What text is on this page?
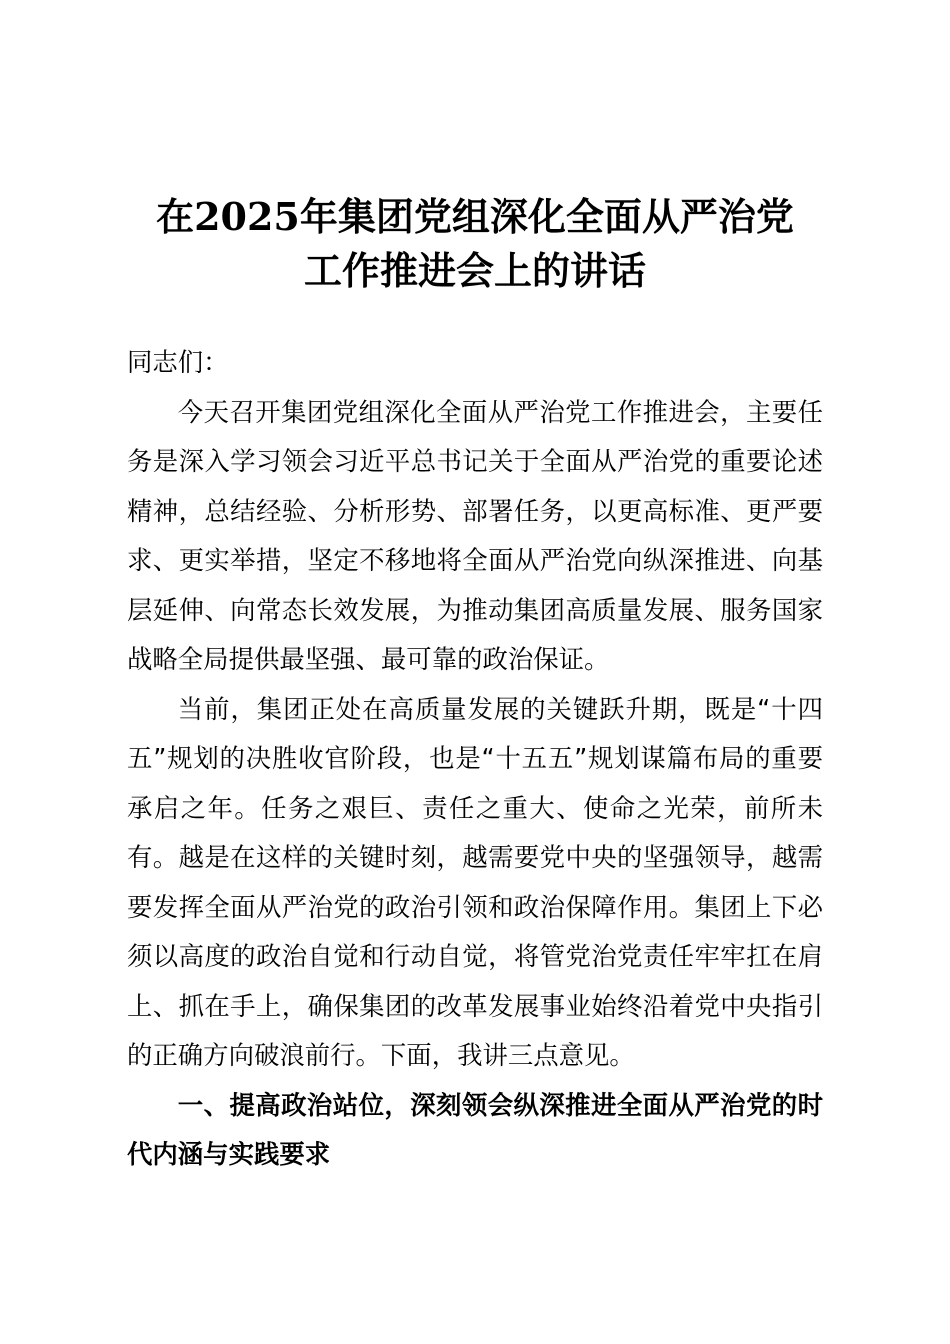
在2025年集团党组深化全面从严治党
工作推进会上的讲话

同志们：

今天召开集团党组深化全面从严治党工作推进会，主要任务是深入学习领会习近平总书记关于全面从严治党的重要论述精神，总结经验、分析形势、部署任务，以更高标准、更严要求、更实举措，坚定不移地将全面从严治党向纵深推进、向基层延伸、向常态长效发展，为推动集团高质量发展、服务国家战略全局提供最坚强、最可靠的政治保证。

当前，集团正处在高质量发展的关键跃升期，既是“十四五”规划的决胜收官阶段，也是“十五五”规划谋篇布局的重要承启之年。任务之艰巨、责任之重大、使命之光荣，前所未有。越是在这样的关键时刻，越需要党中央的坚强领导，越需要发挥全面从严治党的政治引领和政治保障作用。集团上下必须以高度的政治自觉和行动自觉，将管党治党责任牢牢扛在肩上、抓在手上，确保集团的改革发展事业始终沿着党中央指引的正确方向破浪前行。下面，我讲三点意见。

一、提高政治站位，深刻领会纵深推进全面从严治党的时代内涵与实践要求
